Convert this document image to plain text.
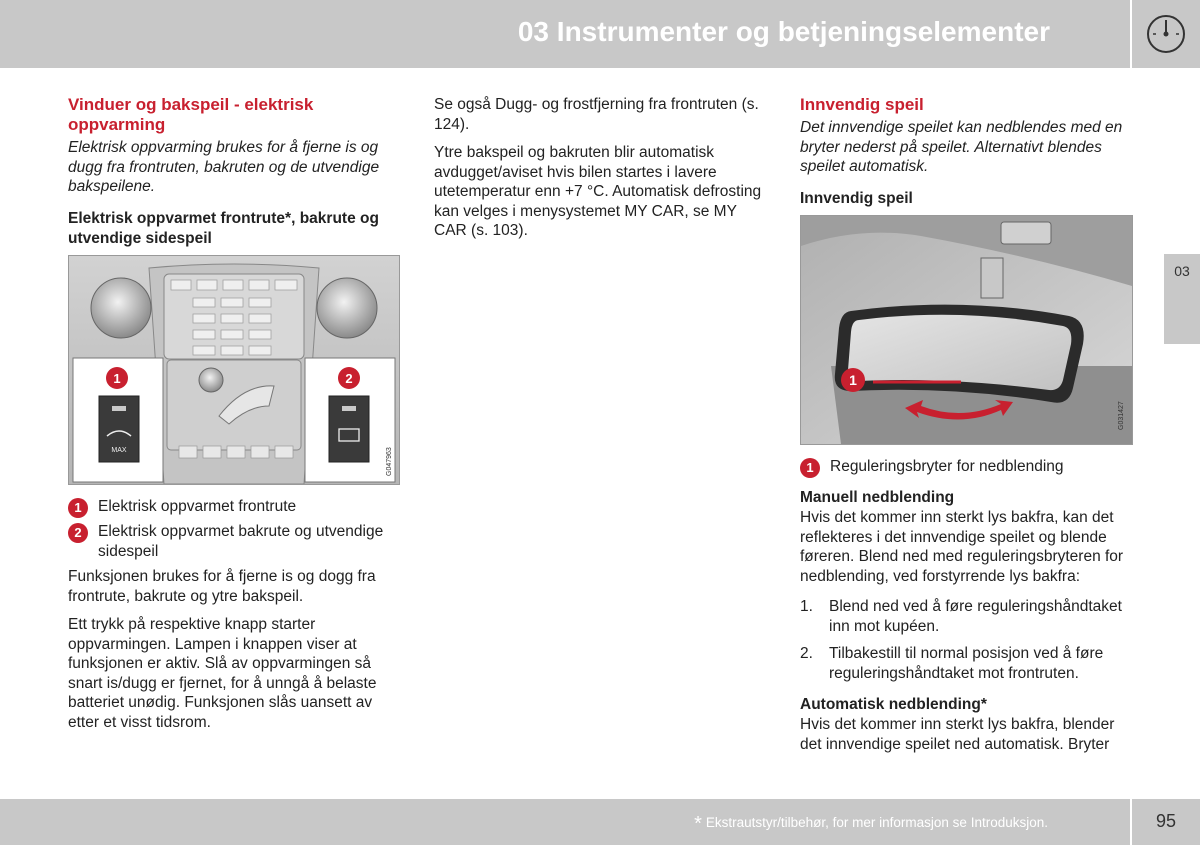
03 Instrumenter og betjeningselementer
03
Vinduer og bakspeil - elektrisk oppvarming

Elektrisk oppvarming brukes for å fjerne is og dugg fra frontruten, bakruten og de utvendige bakspeilene.

Elektrisk oppvarmet frontrute*, bakrute og utvendige sidespeil
1
MAX
2
G047963
1	Elektrisk oppvarmet frontrute
2	Elektrisk oppvarmet bakrute og utvendige sidespeil

Funksjonen brukes for å fjerne is og dogg fra frontrute, bakrute og ytre bakspeil.

Ett trykk på respektive knapp starter oppvarmingen. Lampen i knappen viser at funksjonen er aktiv. Slå av oppvarmingen så snart is/dugg er fjernet, for å unngå å belaste batteriet unødig. Funksjonen slås uansett av etter et visst tidsrom.

Se også Dugg- og frostfjerning fra frontruten (s. 124).

Ytre bakspeil og bakruten blir automatisk avdugget/aviset hvis bilen startes i lavere utetemperatur enn +7 °C. Automatisk defrosting kan velges i menysystemet MY CAR, se MY CAR (s. 103).

Innvendig speil

Det innvendige speilet kan nedblendes med en bryter nederst på speilet. Alternativt blendes speilet automatisk.

Innvendig speil
1
G031427
1	Reguleringsbryter for nedblending
Manuell nedblending

Hvis det kommer inn sterkt lys bakfra, kan det reflekteres i det innvendige speilet og blende føreren. Blend ned med reguleringsbryteren for nedblending, ved forstyrrende lys bakfra:

1. Blend ned ved å føre reguleringshåndtaket inn mot kupéen.
2. Tilbakestill til normal posisjon ved å føre reguleringshåndtaket mot frontruten.
Automatisk nedblending*

Hvis det kommer inn sterkt lys bakfra, blender det innvendige speilet ned automatisk. Bryter

* Ekstrautstyr/tilbehør, for mer informasjon se Introduksjon.	95
